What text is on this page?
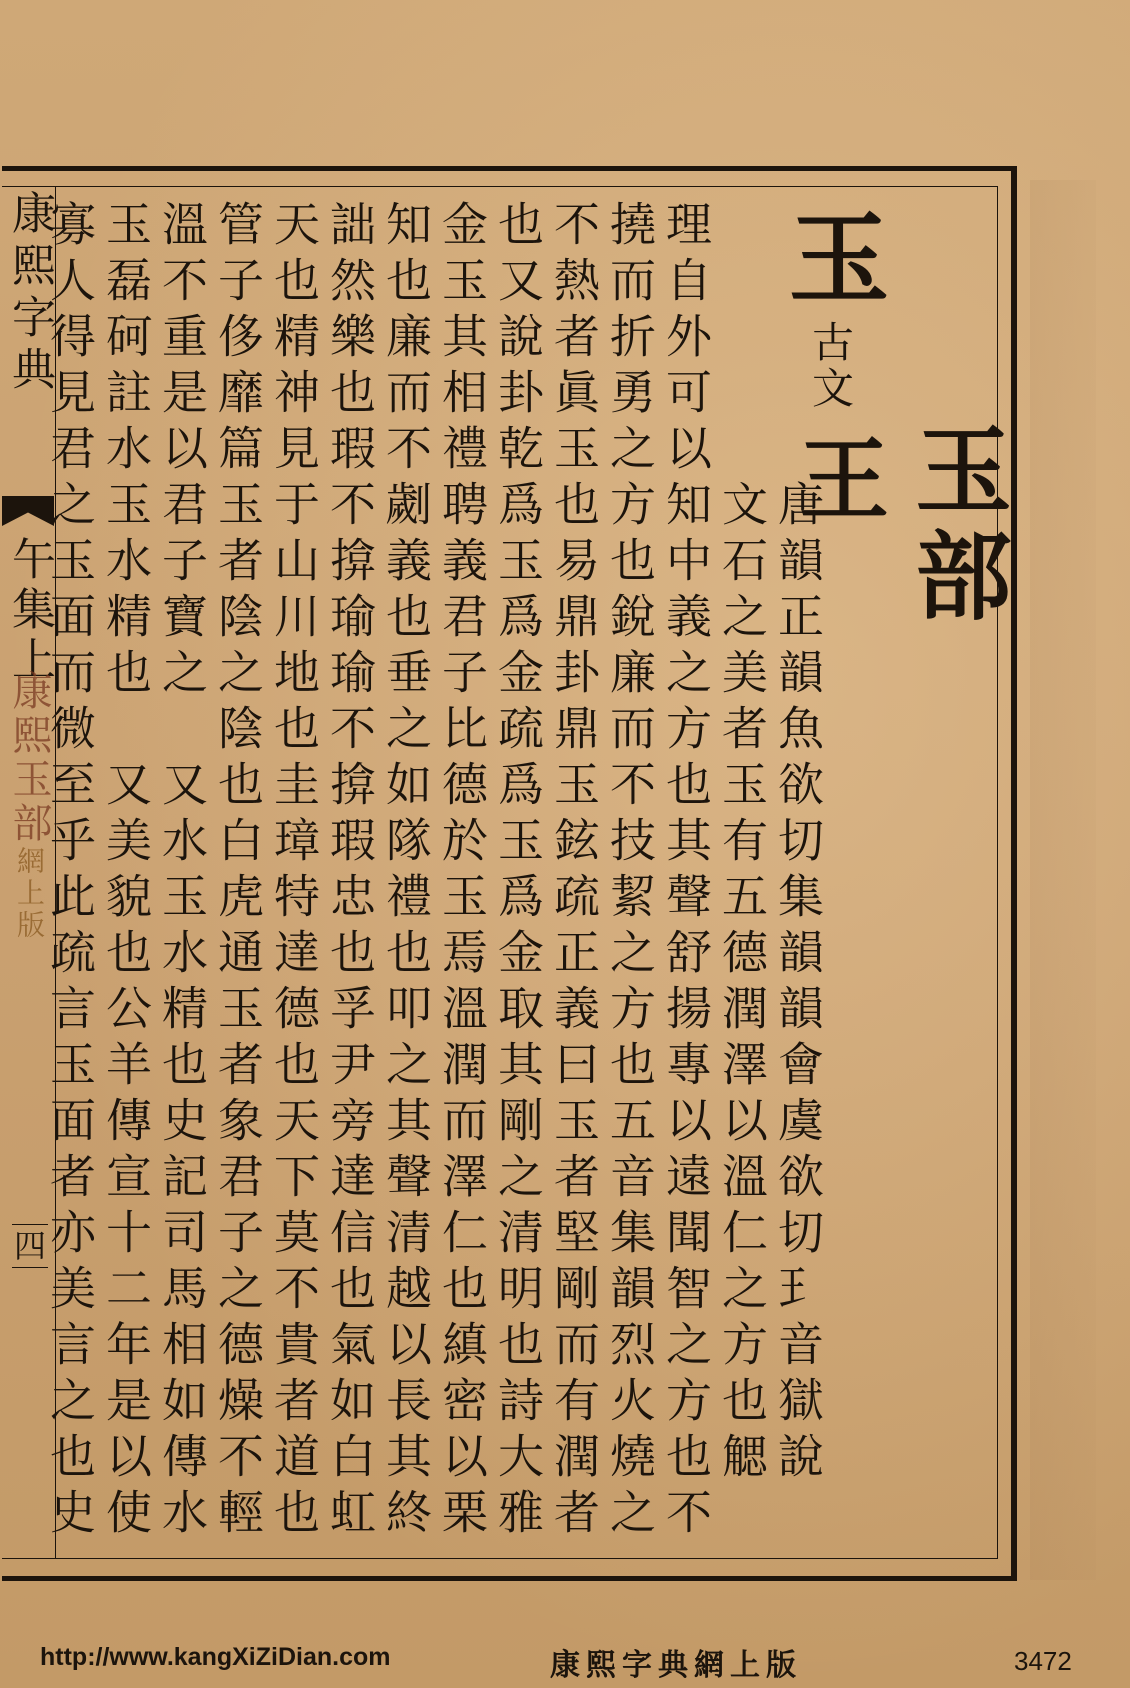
康熙字典
午集上
康熙玉部網上版
四
玉部
玉
古文
王
唐韻正韻魚欲切集韻韻會虞欲切𤣩音獄說
文石之美者玉有五德潤澤以溫仁之方也䚡
理自外可以知中義之方也其聲舒揚專以遠聞智之方也不
撓而折勇之方也銳廉而不技絜之方也五音集韻烈火燒之
不熱者眞玉也易鼎卦鼎玉鉉疏正義曰玉者堅剛而有潤者
也又說卦乾爲玉爲金疏爲玉爲金取其剛之清明也詩大雅
金玉其相禮聘義君子比德於玉焉溫潤而澤仁也縝密以栗
知也廉而不劌義也垂之如隊禮也叩之其聲清越以長其終
詘然樂也瑕不揜瑜瑜不揜瑕忠也孚尹旁達信也氣如白虹
天也精神見于山川地也圭璋特達德也天下莫不貴者道也
管子侈靡篇玉者陰之陰也白虎通玉者象君子之德燥不輕
溫不重是以君子寶之　又水玉水精也史記司馬相如傳水
玉磊砢註水玉水精也　又美貌也公羊傳宣十二年是以使
寡人得見君之玉面而微至乎此疏言玉面者亦美言之也史
http://www.kangXiZiDian.com	康熙字典網上版	3472
